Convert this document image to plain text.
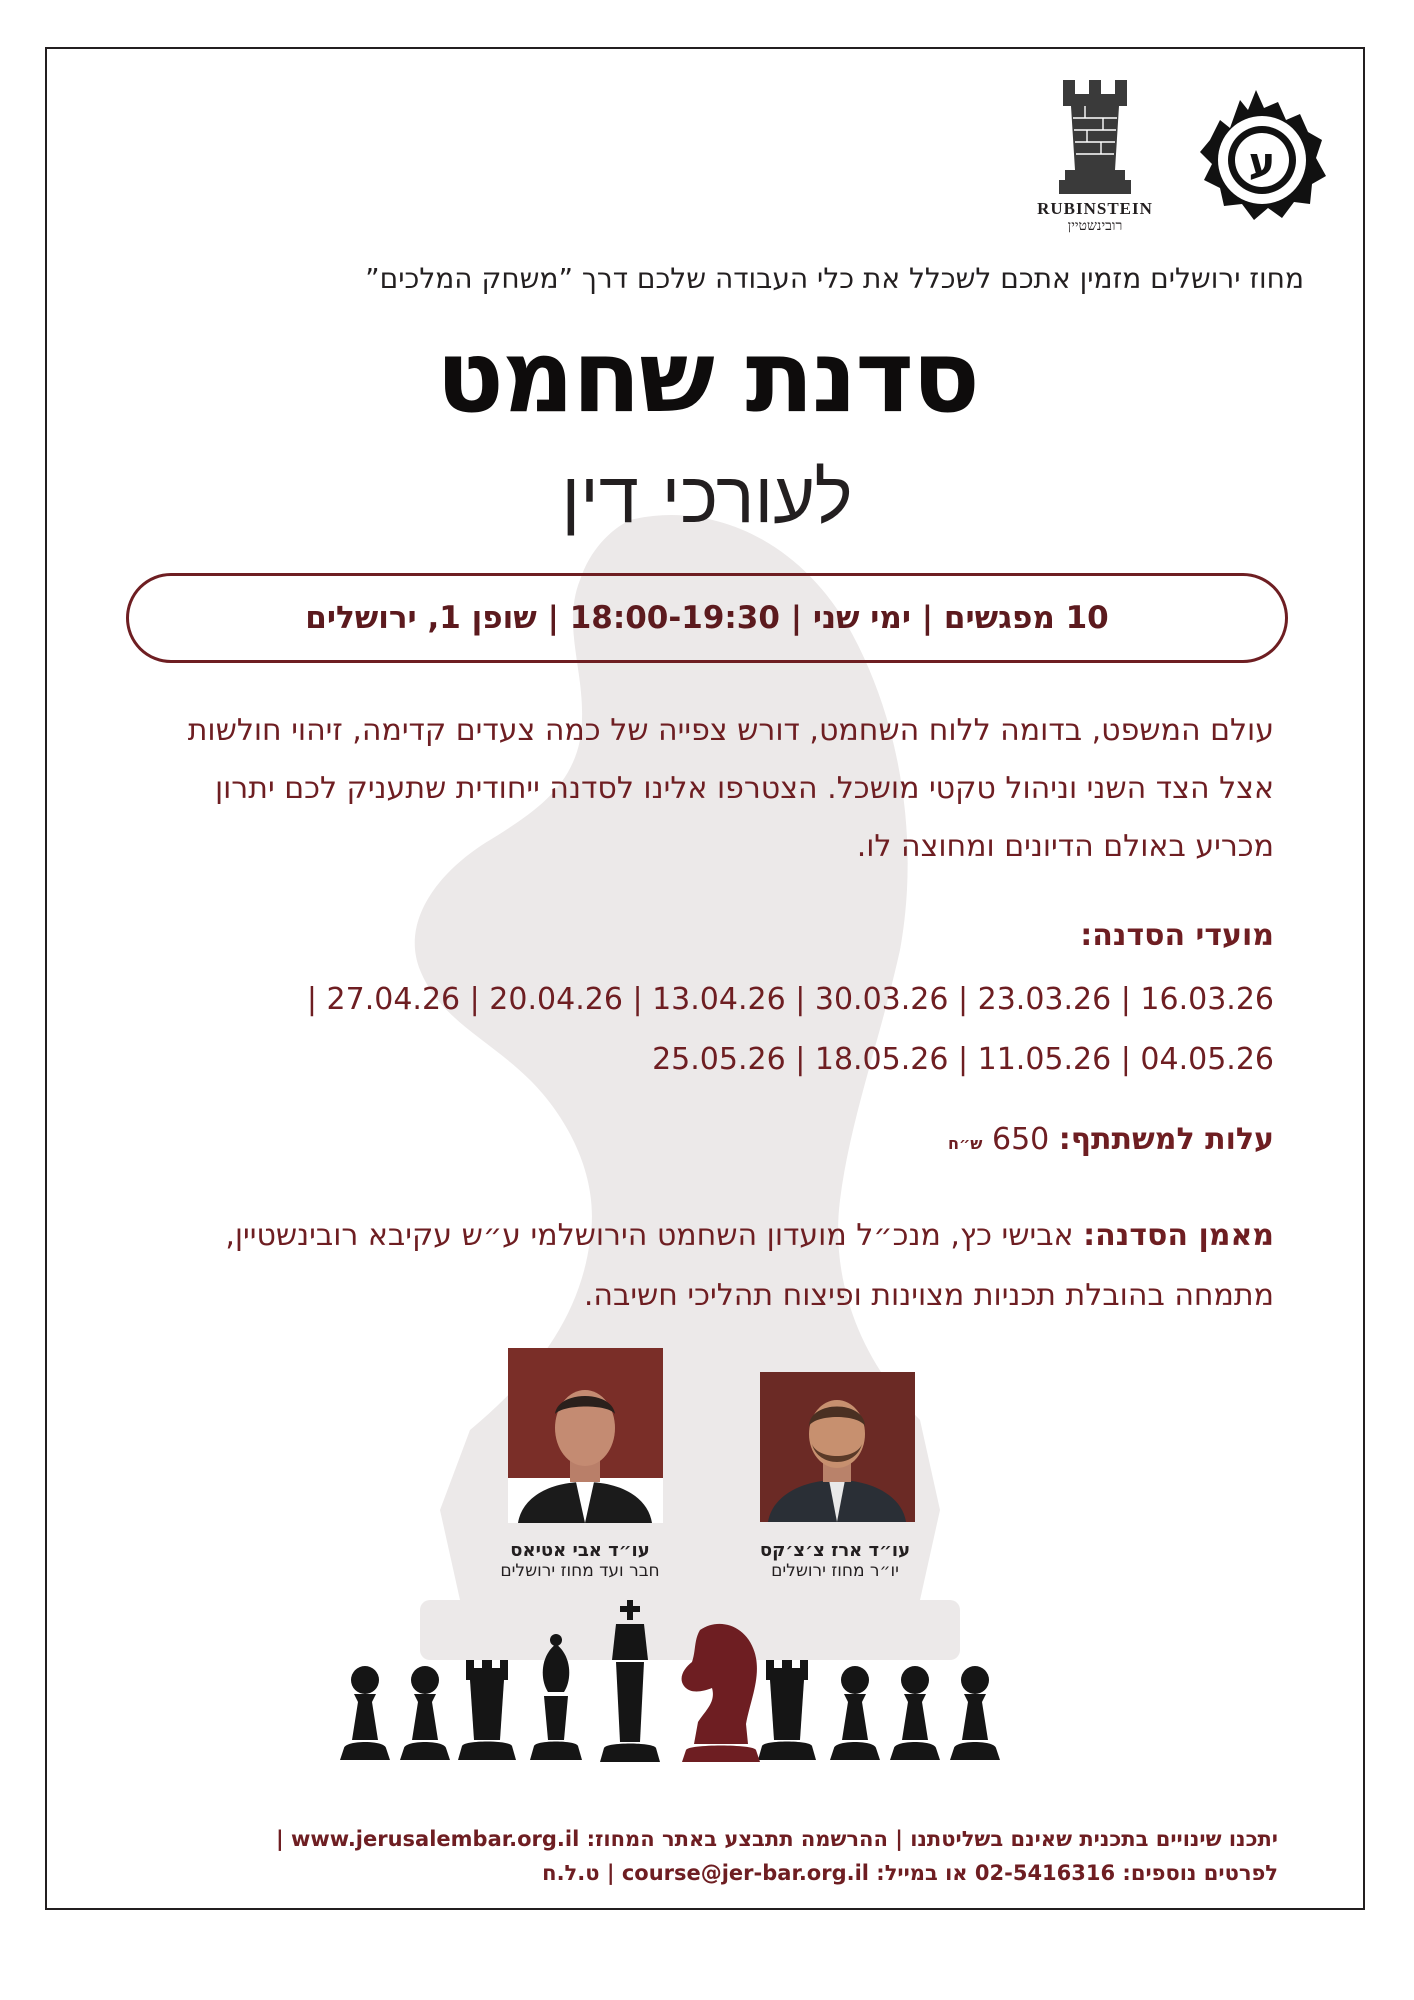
RUBINSTEIN
רובינשטיין
ע
מחוז ירושלים מזמין אתכם לשכלל את כלי העבודה שלכם דרך ”משחק המלכים”
סדנת שחמט
לעורכי דין
10 מפגשים | ימי שני | 18:00-19:30 | שופן 1, ירושלים
עולם המשפט, בדומה ללוח השחמט, דורש צפייה של כמה צעדים קדימה, זיהוי חולשות אצל הצד השני וניהול טקטי מושכל. הצטרפו אלינו לסדנה ייחודית שתעניק לכם יתרון מכריע באולם הדיונים ומחוצה לו.
מועדי הסדנה:
| 27.04.26 | 20.04.26 | 13.04.26 | 30.03.26 | 23.03.26 | 16.03.26
25.05.26 | 18.05.26 | 11.05.26 | 04.05.26
עלות למשתתף: 650 ש״ח
מאמן הסדנה: אבישי כץ, מנכ״ל מועדון השחמט הירושלמי ע״ש עקיבא רובינשטיין, מתמחה בהובלת תכניות מצוינות ופיצוח תהליכי חשיבה.
עו״ד אבי אטיאס
חבר ועד מחוז ירושלים
עו״ד ארז צ׳צ׳קס
יו״ר מחוז ירושלים
יתכנו שינויים בתכנית שאינם בשליטתנו | ההרשמה תתבצע באתר המחוז: www.jerusalembar.org.il |
לפרטים נוספים: 02-5416316 או במייל: course@jer-bar.org.il | ט.ל.ח
